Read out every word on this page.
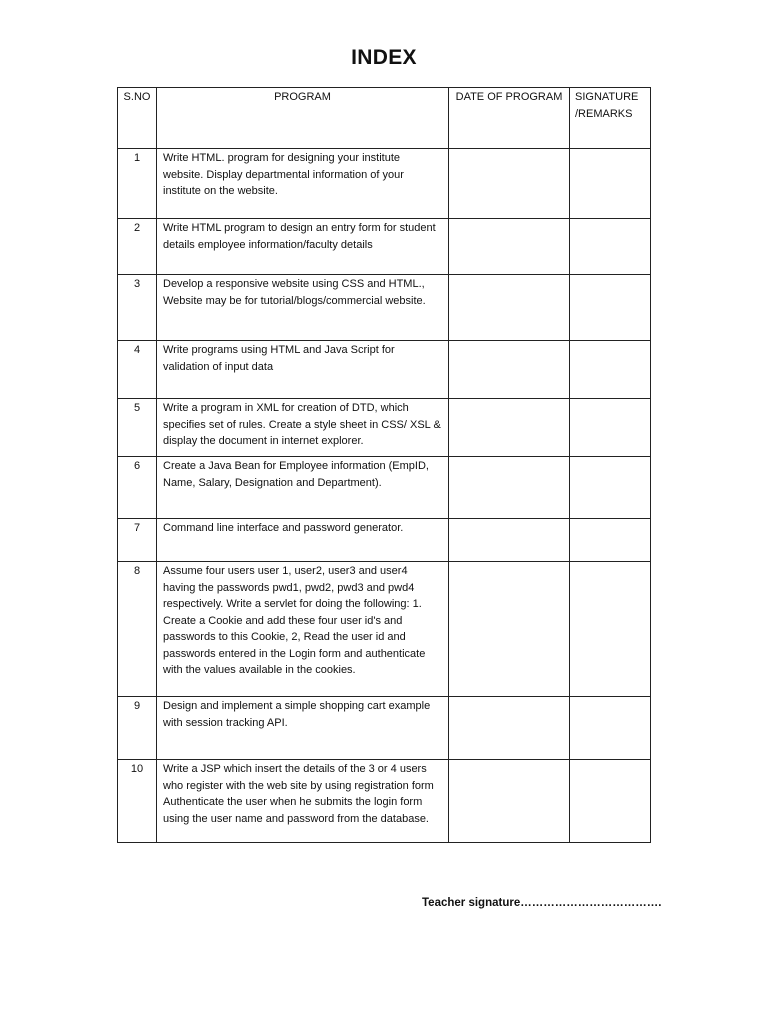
INDEX
S.NO	PROGRAM	DATE OF PROGRAM	SIGNATURE
/REMARKS
1	Write HTML. program for designing your institute website. Display departmental information of your institute on the website.		
2	Write HTML program to design an entry form for student details employee information/faculty details		
3	Develop a responsive website using CSS and HTML., Website may be for tutorial/blogs/commercial website.		
4	Write programs using HTML and Java Script for validation of input data		
5	Write a program in XML for creation of DTD, which specifies set of rules. Create a style sheet in CSS/ XSL & display the document in internet explorer.		
6	Create a Java Bean for Employee information (EmpID, Name, Salary, Designation and Department).		
7	Command line interface and password generator.		
8	Assume four users user 1, user2, user3 and user4 having the passwords pwd1, pwd2, pwd3 and pwd4 respectively. Write a servlet for doing the following: 1. Create a Cookie and add these four user id's and passwords to this Cookie, 2, Read the user id and passwords entered in the Login form and authenticate with the values available in the cookies.		
9	Design and implement a simple shopping cart example with session tracking API.		
10	Write a JSP which insert the details of the 3 or 4 users who register with the web site by using registration form Authenticate the user when he submits the login form using the user name and password from the database.		
Teacher signature……………………………….
